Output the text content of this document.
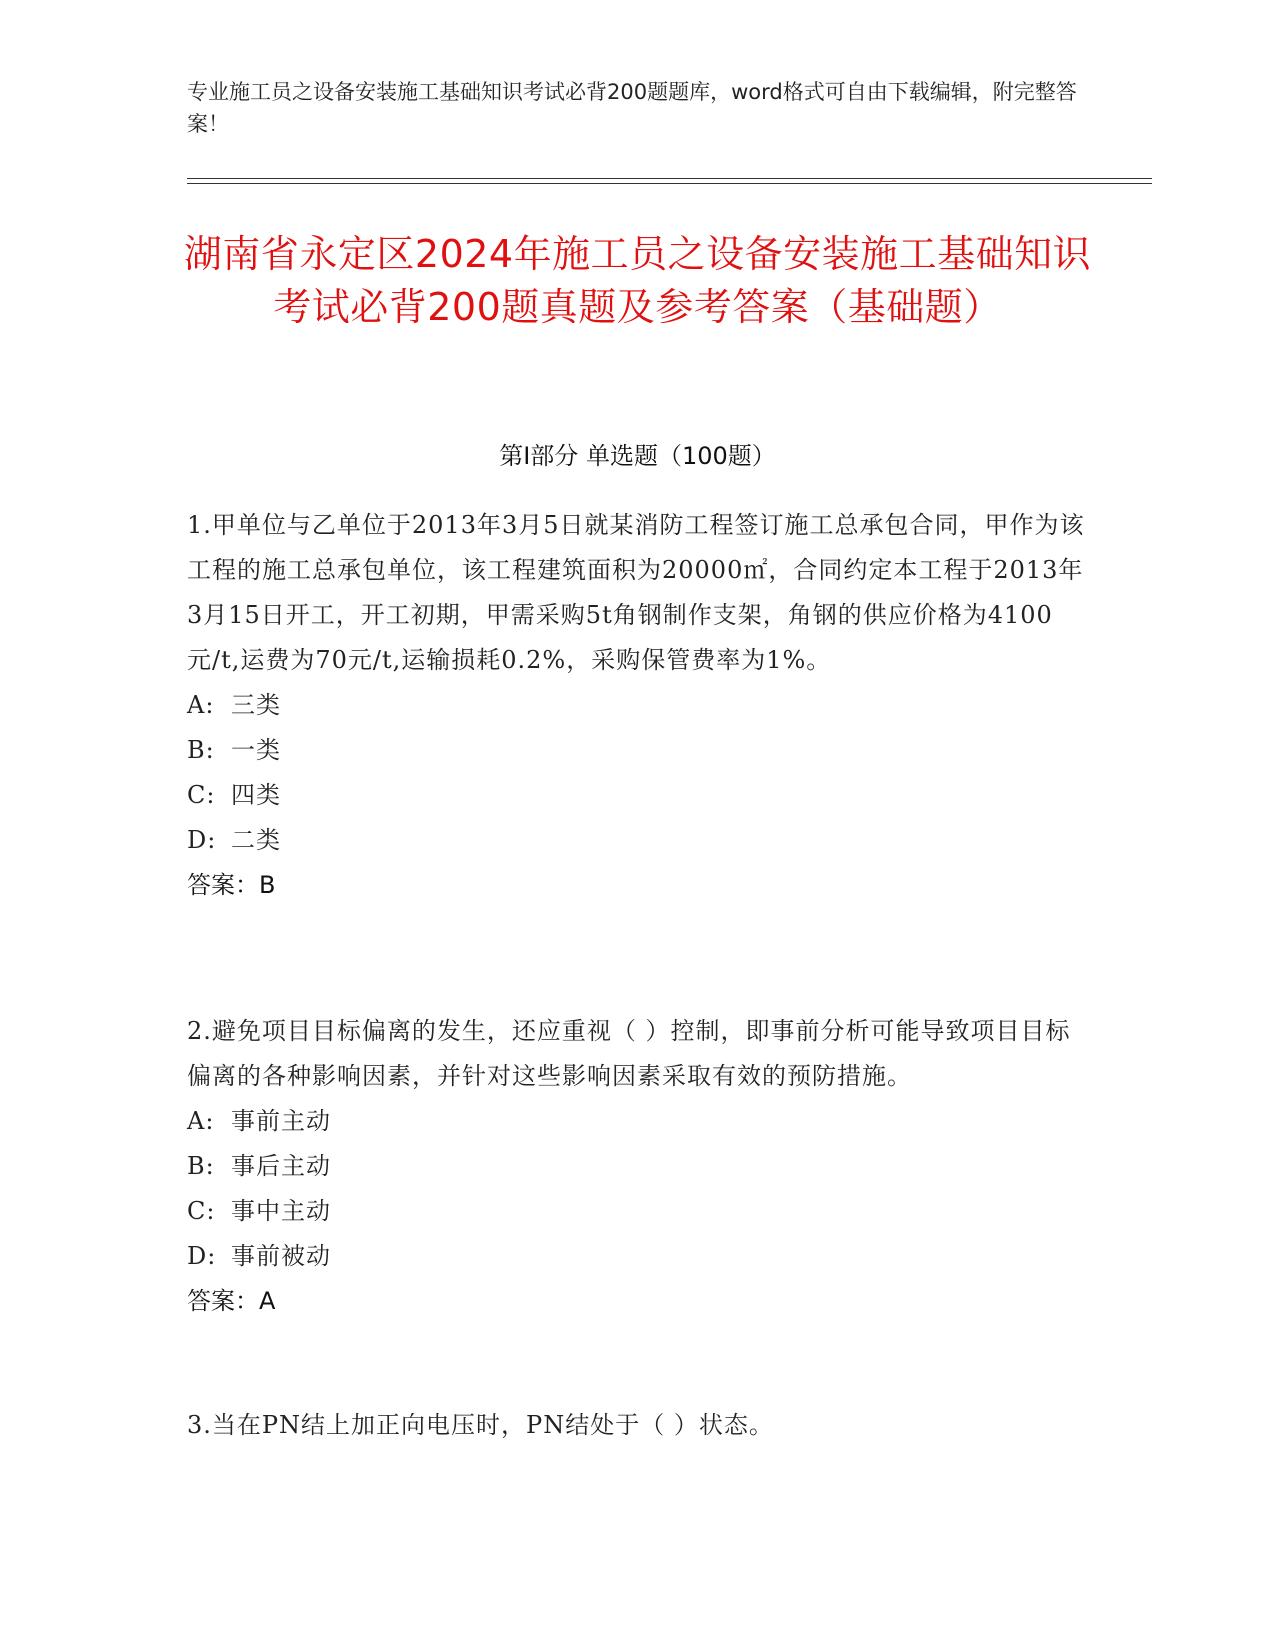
专业施工员之设备安装施工基础知识考试必背200题题库，word格式可自由下载编辑，附完整答案！
湖南省永定区2024年施工员之设备安装施工基础知识考试必背200题真题及参考答案（基础题）
第Ⅰ部分 单选题（100题）

1.甲单位与乙单位于2013年3月5日就某消防工程签订施工总承包合同，甲作为该工程的施工总承包单位，该工程建筑面积为20000㎡，合同约定本工程于2013年3月15日开工，开工初期，甲需采购5t角钢制作支架，角钢的供应价格为4100元/t,运费为70元/t,运输损耗0.2%，采购保管费率为1%。

A: 三类
B: 一类
C: 四类
D: 二类
答案：B

2.避免项目目标偏离的发生，还应重视（ ）控制，即事前分析可能导致项目目标偏离的各种影响因素，并针对这些影响因素采取有效的预防措施。

A: 事前主动
B: 事后主动
C: 事中主动
D: 事前被动
答案：A

3.当在PN结上加正向电压时，PN结处于（ ）状态。
